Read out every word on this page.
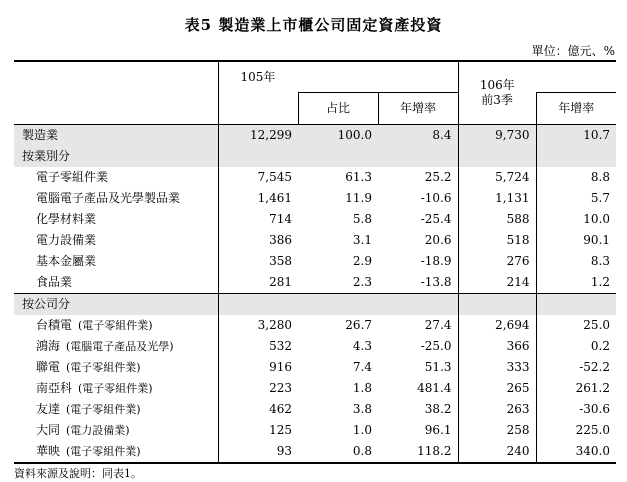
表5 製造業上市櫃公司固定資產投資
單位：億元、%
	105年			106年	
		占比	年增率	前3季	年增率
製造業	12,299	100.0	8.4	9,730	10.7
按業別分					
電子零組件業	7,545	61.3	25.2	5,724	8.8
電腦電子產品及光學製品業	1,461	11.9	-10.6	1,131	5.7
化學材料業	714	5.8	-25.4	588	10.0
電力設備業	386	3.1	20.6	518	90.1
基本金屬業	358	2.9	-18.9	276	8.3
食品業	281	2.3	-13.8	214	1.2
按公司分					
台積電 (電子零組件業)	3,280	26.7	27.4	2,694	25.0
鴻海 (電腦電子產品及光學)	532	4.3	-25.0	366	0.2
聯電 (電子零組件業)	916	7.4	51.3	333	-52.2
南亞科 (電子零組件業)	223	1.8	481.4	265	261.2
友達 (電子零組件業)	462	3.8	38.2	263	-30.6
大同 (電力設備業)	125	1.0	96.1	258	225.0
華映 (電子零組件業)	93	0.8	118.2	240	340.0
資料來源及說明：同表1。
